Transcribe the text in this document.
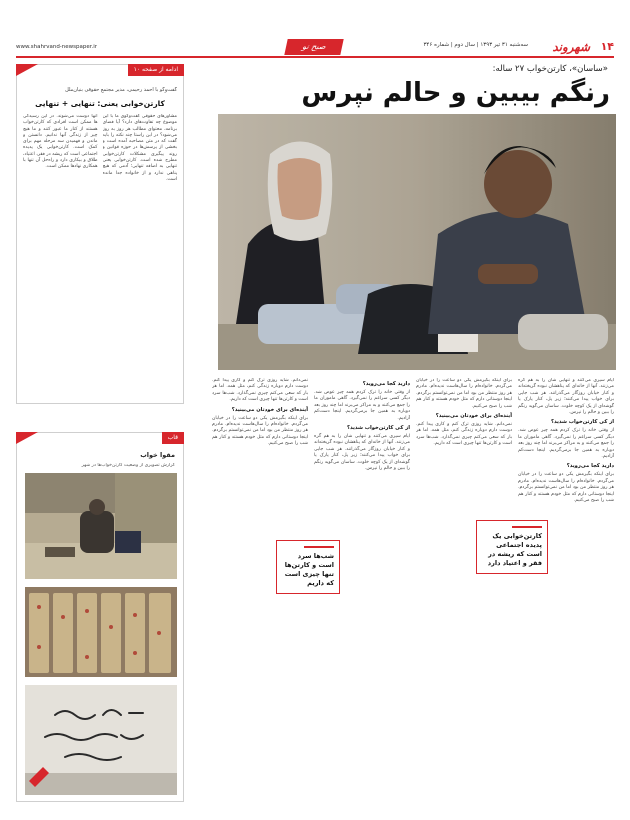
۱۴
شهروند
سه‌شنبه ۳۱ تیر ۱۳۹۳ | سال دوم | شماره ۳۴۶
صبح نو
www.shahrvand-newspaper.ir
ادامه از صفحه ۱۰
گفت‌وگو با احمد رحیمی، مدیر مجتمع حقوقی بنیان‌ملل
کارتن‌خوابی یعنی: تنهایی + تنهایی
مشاورهای حقوقی گفت‌وگوی ما با این موضوع چه تفاوت‌های دارد؟ آیا فضای برنامه، محتوای مطالب هر روز به روز می‌شود؟ در این راستا چند نکته را باید گفت که در متن مصاحبه آمده است و بخشی از پرسش‌ها در حوزه قوانین و روند پیگیری مشکلات کارتن‌خوابی مطرح شده است. کارتن‌خوابی یعنی تنهایی به اضافه تنهایی؛ آدمی که هیچ پناهی ندارد و از خانواده جدا مانده است.
آنها دوست می‌شوند. در این رسیدگی ها ممکن است افرادی که کارتن‌خواب هستند از کنار ما عبور کنند و ما هیچ چیز از زندگی آنها ندانیم. دانستن و ماندن و فهمیدن سه مرحله مهم برای کمک است. کارتن‌خوابی یک پدیده اجتماعی است که ریشه در فقر، اعتیاد، طلاق و بیکاری دارد و راه‌حل آن تنها با همکاری نهادها ممکن است.
قاب
مقوا خواب
گزارش تصویری از وضعیت کارتن‌خواب‌ها در شهر
«ساسان»، کارتن‌خواب ۲۷ ساله:
رنگم بیبین و حالم نپرس
ایام سپری می‌کنند و تنهایی شان را به هم گره می‌زنند. آنها از خانه‌ای که پناهشان نبوده گریخته‌اند و کنار خیابان روزگار می‌گذرانند. هر شب جایی برای خواب پیدا می‌کنند؛ زیر پل، کنار پارک یا گوشه‌ای از یک کوچه خلوت. ساسان می‌گوید رنگم را ببین و حالم را نپرس.
از کی کارتن‌خواب شدید؟
از وقتی خانه را ترک کردم همه چیز عوض شد. دیگر کسی سراغم را نمی‌گیرد. گاهی ماموران ما را جمع می‌کنند و به مراکز می‌برند اما چند روز بعد دوباره به همین جا برمی‌گردیم. اینجا دست‌کم آزادیم.
دارید کجا می‌روید؟
برای اینکه بگیرمش یکی دو ساعت را در خیابان می‌گردم. خانواده‌ام را سال‌هاست ندیده‌ام. مادرم هر روز منتظر من بود اما من نمی‌توانستم برگردم. اینجا دوستانی دارم که مثل خودم هستند و کنار هم شب را صبح می‌کنیم.
برای اینکه بگیرمش یکی دو ساعت را در خیابان می‌گردم. خانواده‌ام را سال‌هاست ندیده‌ام. مادرم هر روز منتظر من بود اما من نمی‌توانستم برگردم. اینجا دوستانی دارم که مثل خودم هستند و کنار هم شب را صبح می‌کنیم.
آینده‌ای برای خودتان می‌بینید؟
نمی‌دانم. شاید روزی ترک کنم و کاری پیدا کنم. دوست دارم دوباره زندگی کنم، مثل همه. اما هر بار که سعی می‌کنم چیزی نمی‌گذارد. شب‌ها سرد است و کارتن‌ها تنها چیزی است که داریم.
دارید کجا می‌روید؟
از وقتی خانه را ترک کردم همه چیز عوض شد. دیگر کسی سراغم را نمی‌گیرد. گاهی ماموران ما را جمع می‌کنند و به مراکز می‌برند اما چند روز بعد دوباره به همین جا برمی‌گردیم. اینجا دست‌کم آزادیم.
از کی کارتن‌خواب شدید؟
ایام سپری می‌کنند و تنهایی شان را به هم گره می‌زنند. آنها از خانه‌ای که پناهشان نبوده گریخته‌اند و کنار خیابان روزگار می‌گذرانند. هر شب جایی برای خواب پیدا می‌کنند؛ زیر پل، کنار پارک یا گوشه‌ای از یک کوچه خلوت. ساسان می‌گوید رنگم را ببین و حالم را نپرس.
نمی‌دانم. شاید روزی ترک کنم و کاری پیدا کنم. دوست دارم دوباره زندگی کنم، مثل همه. اما هر بار که سعی می‌کنم چیزی نمی‌گذارد. شب‌ها سرد است و کارتن‌ها تنها چیزی است که داریم.
آینده‌ای برای خودتان می‌بینید؟
برای اینکه بگیرمش یکی دو ساعت را در خیابان می‌گردم. خانواده‌ام را سال‌هاست ندیده‌ام. مادرم هر روز منتظر من بود اما من نمی‌توانستم برگردم. اینجا دوستانی دارم که مثل خودم هستند و کنار هم شب را صبح می‌کنیم.
کارتن‌خوابی یک پدیده اجتماعی است که ریشه در فقر و اعتیاد دارد
شب‌ها سرد است و کارتن‌ها تنها چیزی است که داریم
